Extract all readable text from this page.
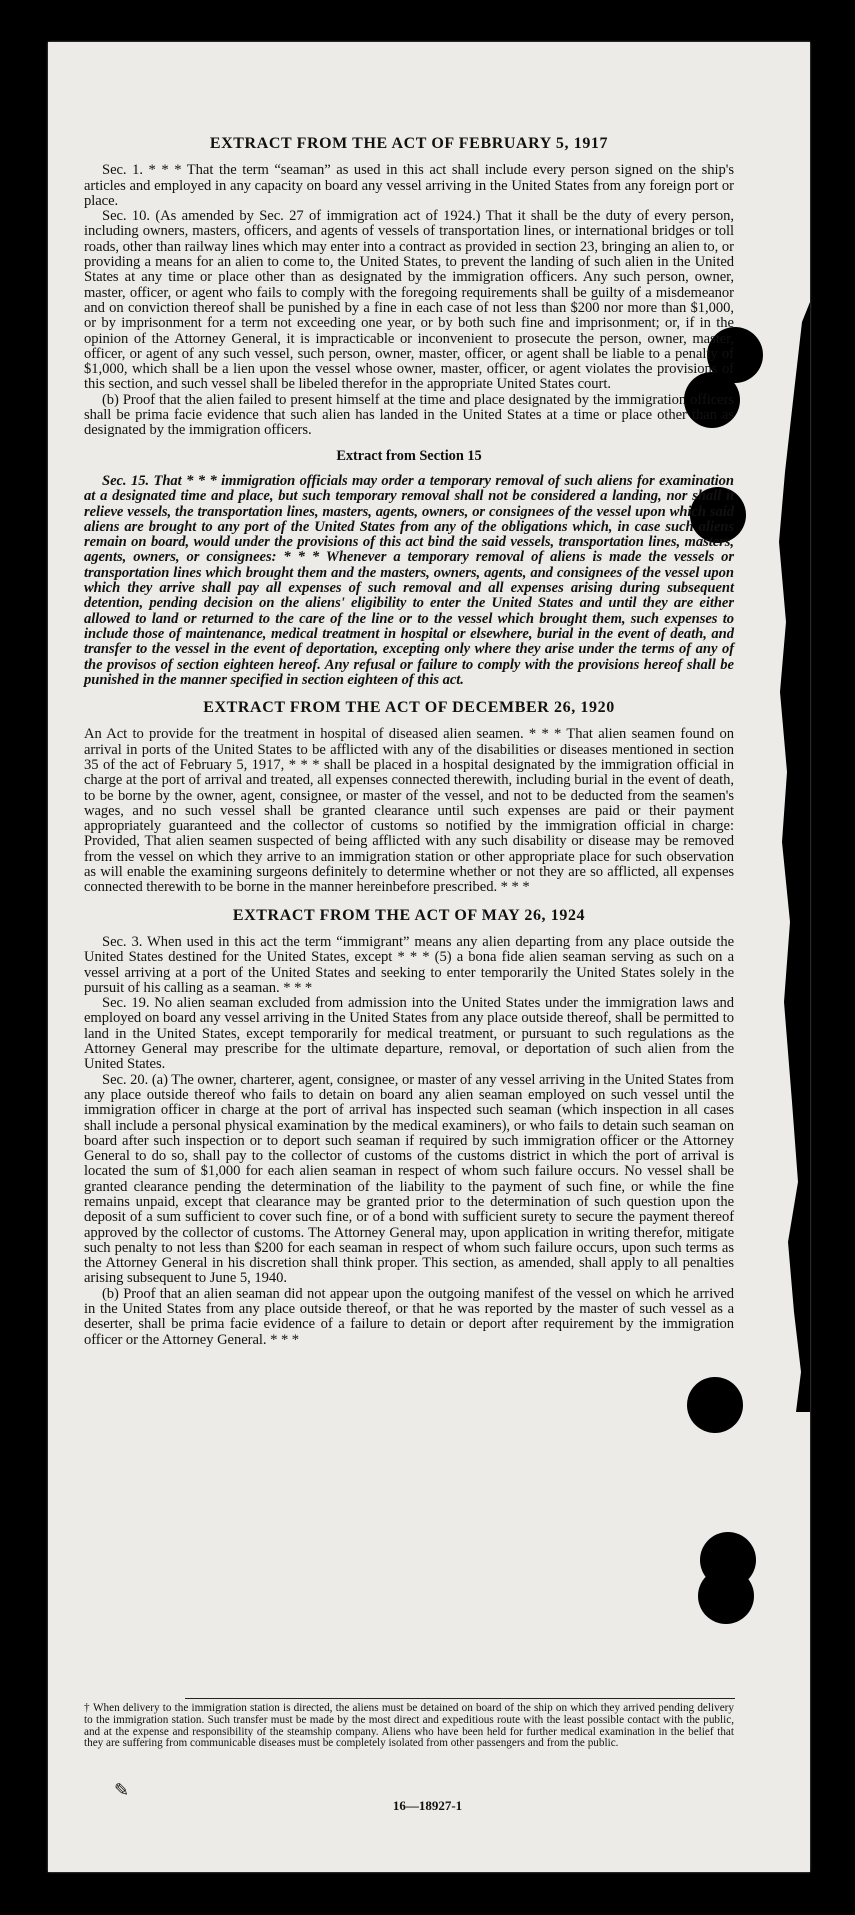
EXTRACT FROM THE ACT OF FEBRUARY 5, 1917

Sec. 1. * * * That the term “seaman” as used in this act shall include every person signed on the ship's articles and employed in any capacity on board any vessel arriving in the United States from any foreign port or place.

Sec. 10. (As amended by Sec. 27 of immigration act of 1924.) That it shall be the duty of every person, including owners, masters, officers, and agents of vessels of transportation lines, or international bridges or toll roads, other than railway lines which may enter into a contract as provided in section 23, bringing an alien to, or providing a means for an alien to come to, the United States, to prevent the landing of such alien in the United States at any time or place other than as designated by the immigration officers. Any such person, owner, master, officer, or agent who fails to comply with the foregoing requirements shall be guilty of a misdemeanor and on conviction thereof shall be punished by a fine in each case of not less than $200 nor more than $1,000, or by imprisonment for a term not exceeding one year, or by both such fine and imprisonment; or, if in the opinion of the Attorney General, it is impracticable or inconvenient to prosecute the person, owner, master, officer, or agent of any such vessel, such person, owner, master, officer, or agent shall be liable to a penalty of $1,000, which shall be a lien upon the vessel whose owner, master, officer, or agent violates the provisions of this section, and such vessel shall be libeled therefor in the appropriate United States court.

(b) Proof that the alien failed to present himself at the time and place designated by the immigration officers shall be prima facie evidence that such alien has landed in the United States at a time or place other than as designated by the immigration officers.

Extract from Section 15

Sec. 15. That * * * immigration officials may order a temporary removal of such aliens for examination at a designated time and place, but such temporary removal shall not be considered a landing, nor shall it relieve vessels, the transportation lines, masters, agents, owners, or consignees of the vessel upon which said aliens are brought to any port of the United States from any of the obligations which, in case such aliens remain on board, would under the provisions of this act bind the said vessels, transportation lines, masters, agents, owners, or consignees: * * * Whenever a temporary removal of aliens is made the vessels or transportation lines which brought them and the masters, owners, agents, and consignees of the vessel upon which they arrive shall pay all expenses of such removal and all expenses arising during subsequent detention, pending decision on the aliens' eligibility to enter the United States and until they are either allowed to land or returned to the care of the line or to the vessel which brought them, such expenses to include those of maintenance, medical treatment in hospital or elsewhere, burial in the event of death, and transfer to the vessel in the event of deportation, excepting only where they arise under the terms of any of the provisos of section eighteen hereof. Any refusal or failure to comply with the provisions hereof shall be punished in the manner specified in section eighteen of this act.

EXTRACT FROM THE ACT OF DECEMBER 26, 1920

An Act to provide for the treatment in hospital of diseased alien seamen. * * * That alien seamen found on arrival in ports of the United States to be afflicted with any of the disabilities or diseases mentioned in section 35 of the act of February 5, 1917, * * * shall be placed in a hospital designated by the immigration official in charge at the port of arrival and treated, all expenses connected therewith, including burial in the event of death, to be borne by the owner, agent, consignee, or master of the vessel, and not to be deducted from the seamen's wages, and no such vessel shall be granted clearance until such expenses are paid or their payment appropriately guaranteed and the collector of customs so notified by the immigration official in charge: Provided, That alien seamen suspected of being afflicted with any such disability or disease may be removed from the vessel on which they arrive to an immigration station or other appropriate place for such observation as will enable the examining surgeons definitely to determine whether or not they are so afflicted, all expenses connected therewith to be borne in the manner hereinbefore prescribed. * * *

EXTRACT FROM THE ACT OF MAY 26, 1924

Sec. 3. When used in this act the term “immigrant” means any alien departing from any place outside the United States destined for the United States, except * * * (5) a bona fide alien seaman serving as such on a vessel arriving at a port of the United States and seeking to enter temporarily the United States solely in the pursuit of his calling as a seaman. * * *

Sec. 19. No alien seaman excluded from admission into the United States under the immigration laws and employed on board any vessel arriving in the United States from any place outside thereof, shall be permitted to land in the United States, except temporarily for medical treatment, or pursuant to such regulations as the Attorney General may prescribe for the ultimate departure, removal, or deportation of such alien from the United States.

Sec. 20. (a) The owner, charterer, agent, consignee, or master of any vessel arriving in the United States from any place outside thereof who fails to detain on board any alien seaman employed on such vessel until the immigration officer in charge at the port of arrival has inspected such seaman (which inspection in all cases shall include a personal physical examination by the medical examiners), or who fails to detain such seaman on board after such inspection or to deport such seaman if required by such immigration officer or the Attorney General to do so, shall pay to the collector of customs of the customs district in which the port of arrival is located the sum of $1,000 for each alien seaman in respect of whom such failure occurs. No vessel shall be granted clearance pending the determination of the liability to the payment of such fine, or while the fine remains unpaid, except that clearance may be granted prior to the determination of such question upon the deposit of a sum sufficient to cover such fine, or of a bond with sufficient surety to secure the payment thereof approved by the collector of customs. The Attorney General may, upon application in writing therefor, mitigate such penalty to not less than $200 for each seaman in respect of whom such failure occurs, upon such terms as the Attorney General in his discretion shall think proper. This section, as amended, shall apply to all penalties arising subsequent to June 5, 1940.

(b) Proof that an alien seaman did not appear upon the outgoing manifest of the vessel on which he arrived in the United States from any place outside thereof, or that he was reported by the master of such vessel as a deserter, shall be prima facie evidence of a failure to detain or deport after requirement by the immigration officer or the Attorney General. * * *

† When delivery to the immigration station is directed, the aliens must be detained on board of the ship on which they arrived pending delivery to the immigration station. Such transfer must be made by the most direct and expeditious route with the least possible contact with the public, and at the expense and responsibility of the steamship company. Aliens who have been held for further medical examination in the belief that they are suffering from communicable diseases must be completely isolated from other passengers and from the public.
✎
16—18927-1
